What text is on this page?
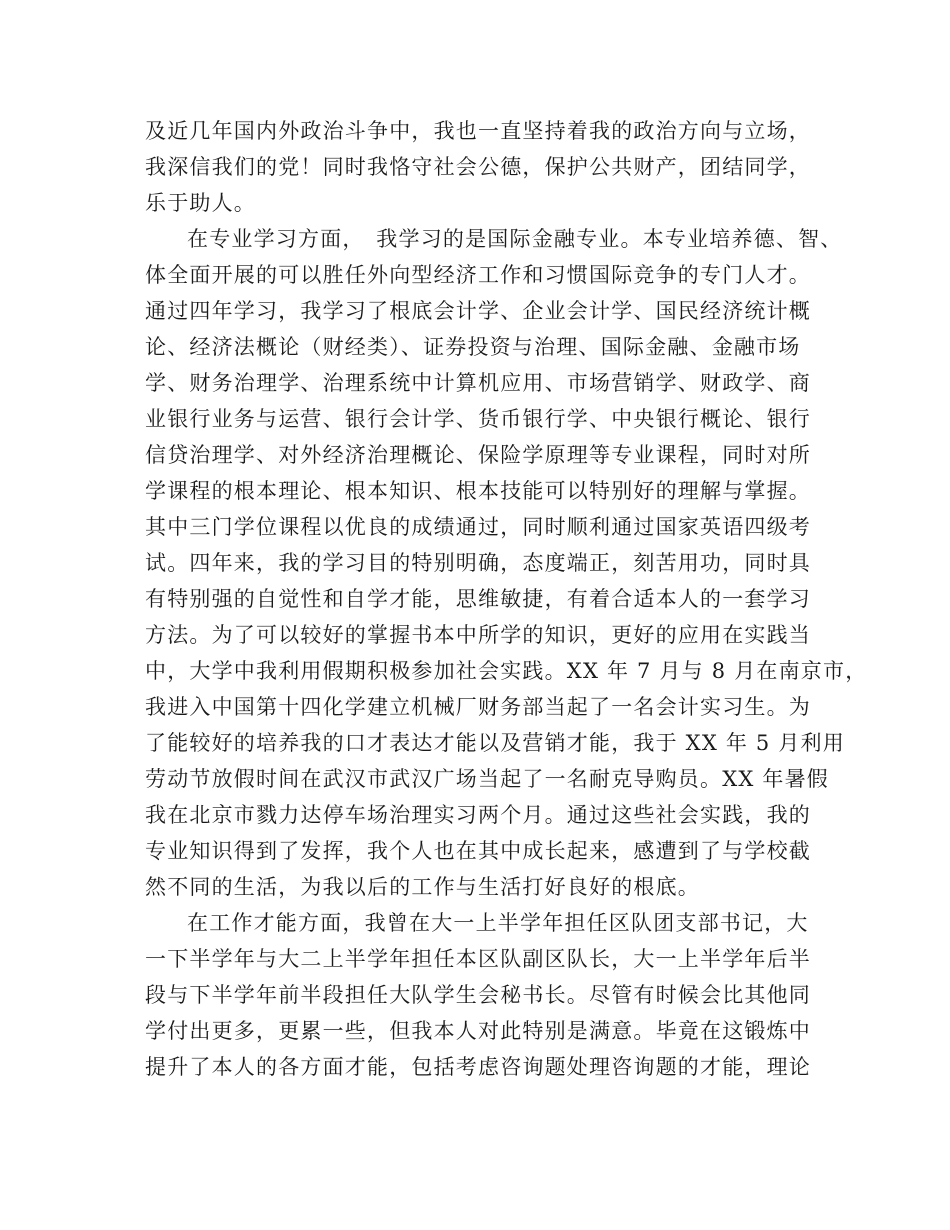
及近几年国内外政治斗争中，我也一直坚持着我的政治方向与立场，
我深信我们的党！同时我恪守社会公德，保护公共财产，团结同学，
乐于助人。
在专业学习方面，　我学习的是国际金融专业。本专业培养德、智、
体全面开展的可以胜任外向型经济工作和习惯国际竞争的专门人才。
通过四年学习，我学习了根底会计学、企业会计学、国民经济统计概
论、经济法概论（财经类）、证券投资与治理、国际金融、金融市场
学、财务治理学、治理系统中计算机应用、市场营销学、财政学、商
业银行业务与运营、银行会计学、货币银行学、中央银行概论、银行
信贷治理学、对外经济治理概论、保险学原理等专业课程，同时对所
学课程的根本理论、根本知识、根本技能可以特别好的理解与掌握。
其中三门学位课程以优良的成绩通过，同时顺利通过国家英语四级考
试。四年来，我的学习目的特别明确，态度端正，刻苦用功，同时具
有特别强的自觉性和自学才能，思维敏捷，有着合适本人的一套学习
方法。为了可以较好的掌握书本中所学的知识，更好的应用在实践当
中，大学中我利用假期积极参加社会实践。XX 年 7 月与 8 月在南京市，
我进入中国第十四化学建立机械厂财务部当起了一名会计实习生。为
了能较好的培养我的口才表达才能以及营销才能，我于 XX 年 5 月利用
劳动节放假时间在武汉市武汉广场当起了一名耐克导购员。XX 年暑假
我在北京市戮力达停车场治理实习两个月。通过这些社会实践，我的
专业知识得到了发挥，我个人也在其中成长起来，感遭到了与学校截
然不同的生活，为我以后的工作与生活打好良好的根底。
在工作才能方面，我曾在大一上半学年担任区队团支部书记，大
一下半学年与大二上半学年担任本区队副区队长，大一上半学年后半
段与下半学年前半段担任大队学生会秘书长。尽管有时候会比其他同
学付出更多，更累一些，但我本人对此特别是满意。毕竟在这锻炼中
提升了本人的各方面才能，包括考虑咨询题处理咨询题的才能，理论
